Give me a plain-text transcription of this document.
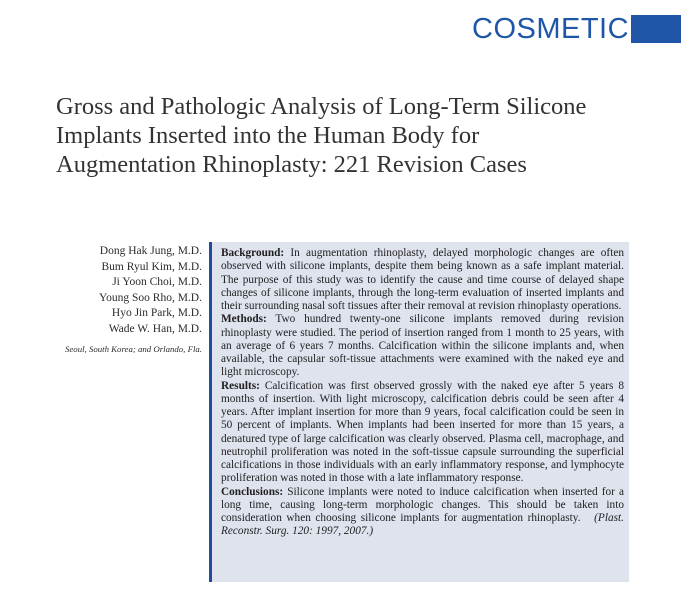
COSMETIC
Gross and Pathologic Analysis of Long-Term Silicone Implants Inserted into the Human Body for Augmentation Rhinoplasty: 221 Revision Cases
Dong Hak Jung, M.D.
Bum Ryul Kim, M.D.
Ji Yoon Choi, M.D.
Young Soo Rho, M.D.
Hyo Jin Park, M.D.
Wade W. Han, M.D.
Seoul, South Korea; and Orlando, Fla.

Background: In augmentation rhinoplasty, delayed morphologic changes are often observed with silicone implants, despite them being known as a safe implant material. The purpose of this study was to identify the cause and time course of delayed shape changes of silicone implants, through the long-term evaluation of inserted implants and their surrounding nasal soft tissues after their removal at revision rhinoplasty operations.

Methods: Two hundred twenty-one silicone implants removed during revision rhinoplasty were studied. The period of insertion ranged from 1 month to 25 years, with an average of 6 years 7 months. Calcification within the silicone implants and, when available, the capsular soft-tissue attachments were examined with the naked eye and light microscopy.

Results: Calcification was first observed grossly with the naked eye after 5 years 8 months of insertion. With light microscopy, calcification debris could be seen after 4 years. After implant insertion for more than 9 years, focal calcification could be seen in 50 percent of implants. When implants had been inserted for more than 15 years, a denatured type of large calcification was clearly observed. Plasma cell, macrophage, and neutrophil proliferation was noted in the soft-tissue capsule surrounding the superficial calcifications in those individuals with an early inflammatory response, and lymphocyte proliferation was noted in those with a late inflammatory response.

Conclusions: Silicone implants were noted to induce calcification when inserted for a long time, causing long-term morphologic changes. This should be taken into consideration when choosing silicone implants for augmentation rhinoplasty. (Plast. Reconstr. Surg. 120: 1997, 2007.)
